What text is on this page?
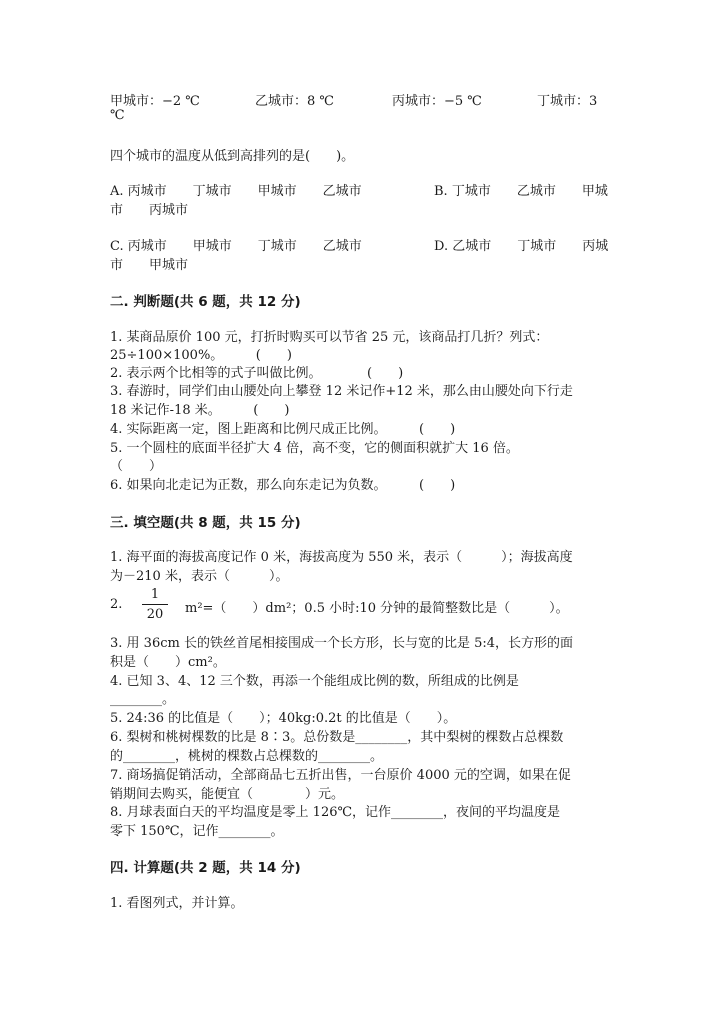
甲城市：−2 ℃	乙城市：8 ℃	丙城市：−5 ℃	丁城市：3
℃
四个城市的温度从低到高排列的是(　　)。
A. 丙城市　　丁城市　　甲城市　　乙城市	B. 丁城市　　乙城市　　甲城
市　　丙城市
C. 丙城市　　甲城市　　丁城市　　乙城市	D. 乙城市　　丁城市　　丙城
市　　甲城市
二. 判断题(共 6 题，共 12 分)
1. 某商品原价 100 元，打折时购买可以节省 25 元，该商品打几折？列式：
25÷100×100%。　　　(　　)
2. 表示两个比相等的式子叫做比例。　　　　(　　)
3. 春游时，同学们由山腰处向上攀登 12 米记作+12 米，那么由山腰处向下行走
18 米记作-18 米。　　　(　　)
4. 实际距离一定，图上距离和比例尺成正比例。　　　(　　)
5. 一个圆柱的底面半径扩大 4 倍，高不变，它的侧面积就扩大 16 倍。
（　　）
6. 如果向北走记为正数，那么向东走记为负数。　　　(　　)
三. 填空题(共 8 题，共 15 分)
1. 海平面的海拔高度记作 0 米，海拔高度为 550 米，表示（　　　）；海拔高度
为－210 米，表示（　　　）。
2.
1
20	m²=（　　）dm²；0.5 小时:10 分钟的最简整数比是（　　　）。
3. 用 36cm 长的铁丝首尾相接围成一个长方形，长与宽的比是 5:4，长方形的面
积是（　　）cm²。
4. 已知 3、4、12 三个数，再添一个能组成比例的数，所组成的比例是
________。
5. 24:36 的比值是（　　）；40kg:0.2t 的比值是（　　）。
6. 梨树和桃树棵数的比是 8∶3。总份数是________，其中梨树的棵数占总棵数
的________，桃树的棵数占总棵数的________。
7. 商场搞促销活动，全部商品七五折出售，一台原价 4000 元的空调，如果在促
销期间去购买，能便宜（　　　　）元。
8. 月球表面白天的平均温度是零上 126℃，记作________，夜间的平均温度是
零下 150℃，记作________。
四. 计算题(共 2 题，共 14 分)
1. 看图列式，并计算。
